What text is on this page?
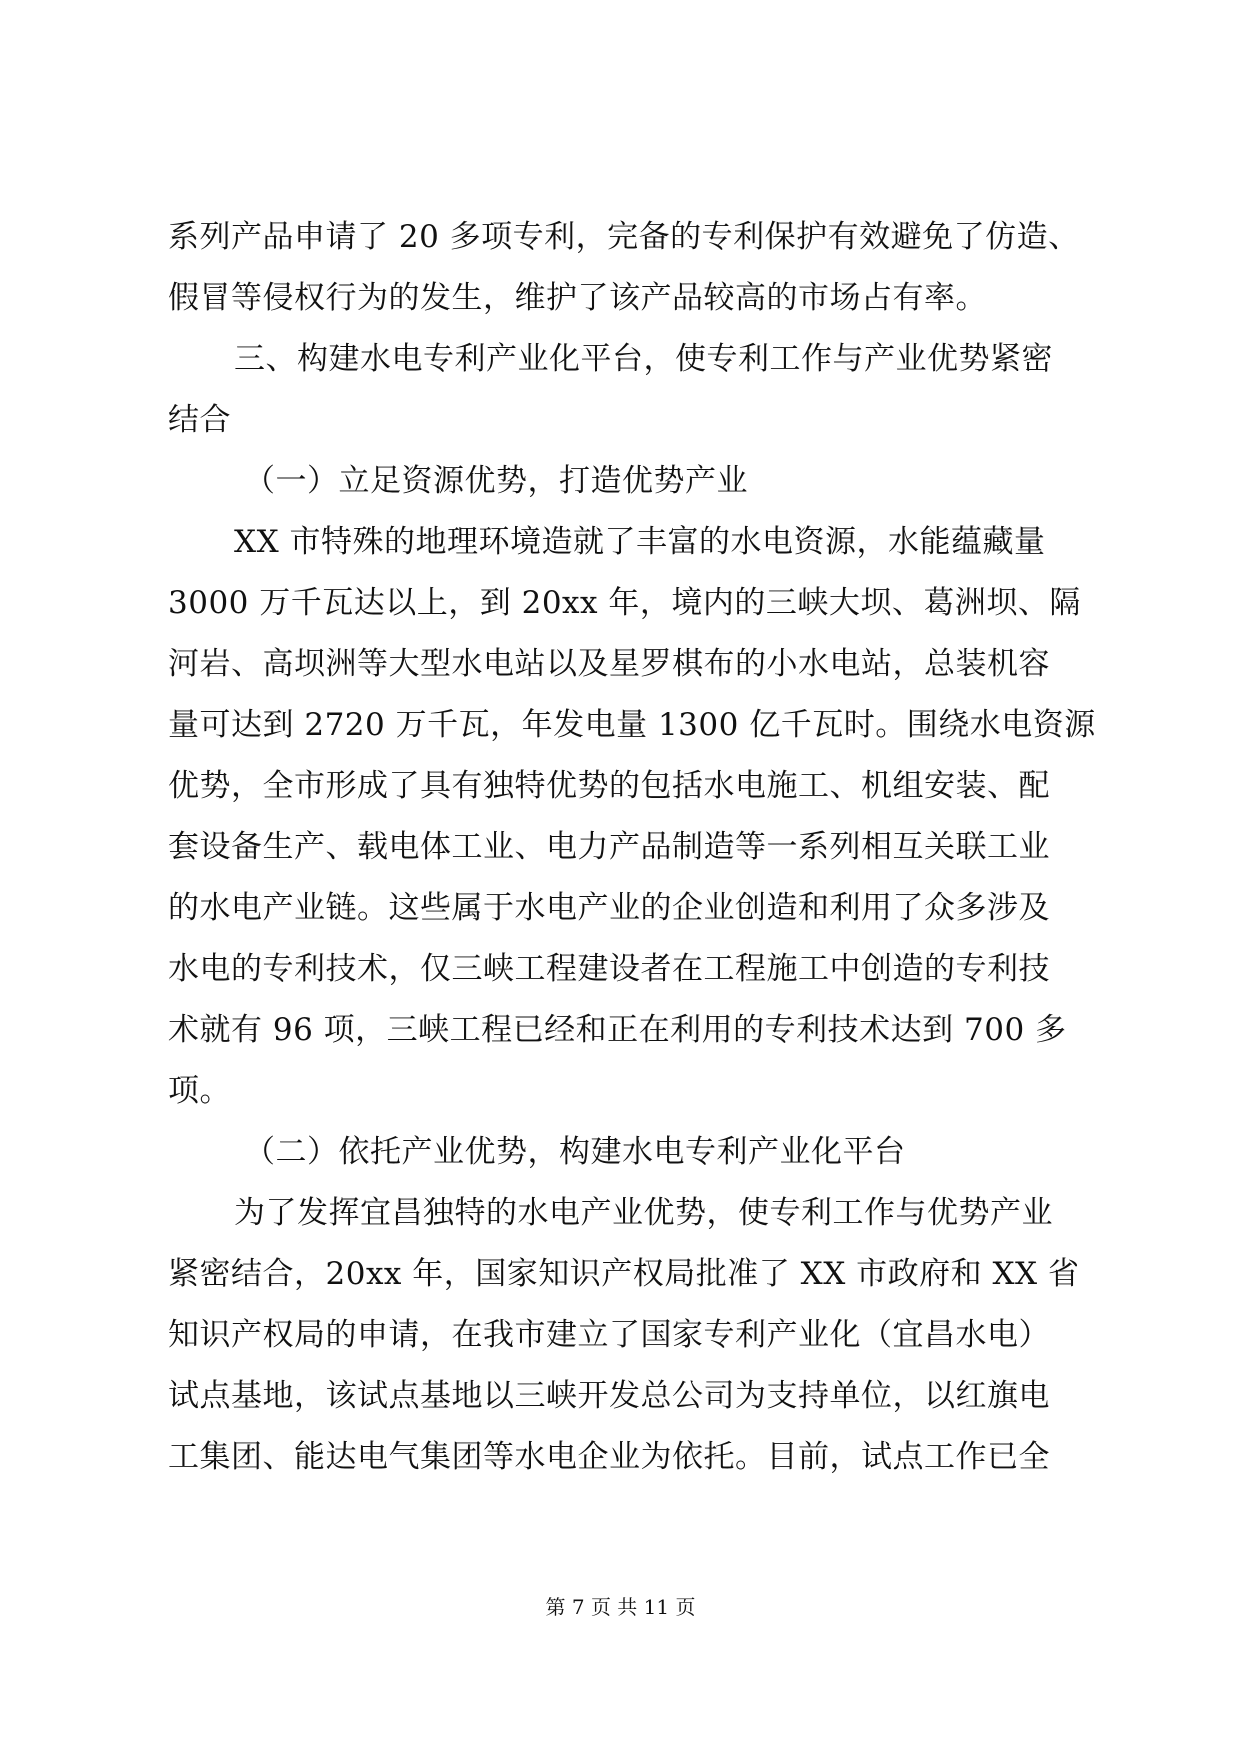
系列产品申请了 20 多项专利，完备的专利保护有效避免了仿造、
假冒等侵权行为的发生，维护了该产品较高的市场占有率。
三、构建水电专利产业化平台，使专利工作与产业优势紧密
结合
（一）立足资源优势，打造优势产业
XX 市特殊的地理环境造就了丰富的水电资源，水能蕴藏量
3000 万千瓦达以上，到 20xx 年，境内的三峡大坝、葛洲坝、隔
河岩、高坝洲等大型水电站以及星罗棋布的小水电站，总装机容
量可达到 2720 万千瓦，年发电量 1300 亿千瓦时。围绕水电资源
优势，全市形成了具有独特优势的包括水电施工、机组安装、配
套设备生产、载电体工业、电力产品制造等一系列相互关联工业
的水电产业链。这些属于水电产业的企业创造和利用了众多涉及
水电的专利技术，仅三峡工程建设者在工程施工中创造的专利技
术就有 96 项，三峡工程已经和正在利用的专利技术达到 700 多
项。
（二）依托产业优势，构建水电专利产业化平台
为了发挥宜昌独特的水电产业优势，使专利工作与优势产业
紧密结合，20xx 年，国家知识产权局批准了 XX 市政府和 XX 省
知识产权局的申请，在我市建立了国家专利产业化（宜昌水电）
试点基地，该试点基地以三峡开发总公司为支持单位，以红旗电
工集团、能达电气集团等水电企业为依托。目前，试点工作已全
第 7 页 共 11 页
